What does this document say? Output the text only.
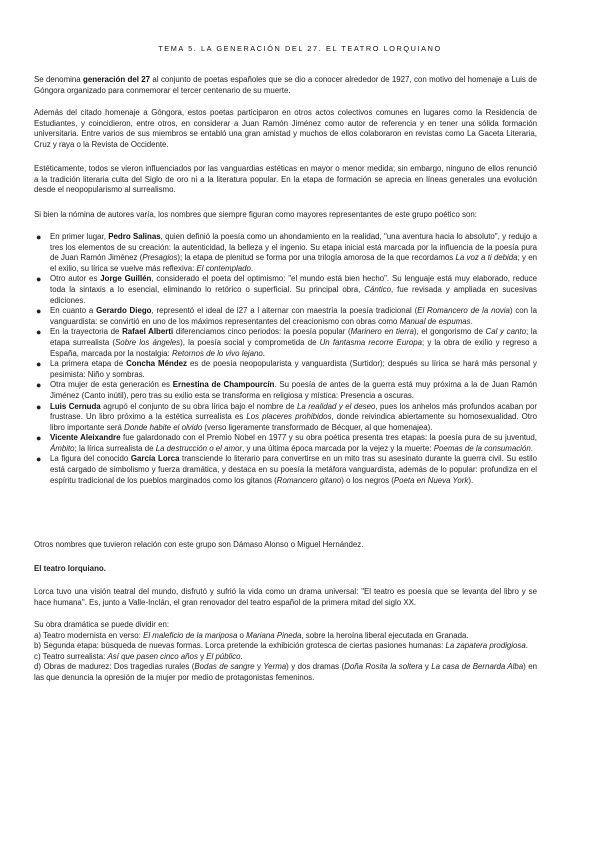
TEMA 5. LA GENERACIÓN DEL 27. EL TEATRO LORQUIANO

Se denomina generación del 27 al conjunto de poetas españoles que se dio a conocer alrededor de 1927, con motivo del homenaje a Luis de Góngora organizado para conmemorar el tercer centenario de su muerte.

Además del citado homenaje a Góngora, estos poetas participaron en otros actos colectivos comunes en lugares como la Residencia de Estudiantes, y coincidieron, entre otros, en considerar a Juan Ramón Jiménez como autor de referencia y en tener una sólida formación universitaria. Entre varios de sus miembros se entabló una gran amistad y muchos de ellos colaboraron en revistas como La Gaceta Literaria, Cruz y raya o la Revista de Occidente.

Estéticamente, todos se vieron influenciados por las vanguardias estéticas en mayor o menor medida; sin embargo, ninguno de ellos renunció a la tradición literaria culta del Siglo de oro ni a la literatura popular. En la etapa de formación se aprecia en líneas generales una evolución desde el neopopularismo al surrealismo.

Si bien la nómina de autores varía, los nombres que siempre figuran como mayores representantes de este grupo poético son:

● En primer lugar, Pedro Salinas, quien definió la poesía como un ahondamiento en la realidad, "una aventura hacia lo absoluto", y redujo a tres los elementos de su creación: la autenticidad, la belleza y el ingenio. Su etapa inicial está marcada por la influencia de la poesía pura de Juan Ramón Jiménez (Presagios); la etapa de plenitud se forma por una trilogía amorosa de la que recordamos La voz a ti debida; y en el exilio, su lírica se vuelve más reflexiva: El contemplado.
● Otro autor es Jorge Guillén, considerado el poeta del optimismo: "el mundo está bien hecho". Su lenguaje está muy elaborado, reduce toda la sintaxis a lo esencial, eliminando lo retórico o superficial. Su principal obra, Cántico, fue revisada y ampliada en sucesivas ediciones.
● En cuanto a Gerardo Diego, representó el ideal de l27 a l alternar con maestría la poesía tradicional (El Romancero de la novia) con la vanguardista: se convirtió en uno de los máximos representantes del creacionismo con obras como Manual de espumas.
● En la trayectoria de Rafael Alberti diferenciamos cinco periodos: la poesía popular (Marinero en tierra), el gongorismo de Cal y canto; la etapa surrealista (Sobre los ángeles), la poesía social y comprometida de Un fantasma recorre Europa; y la obra de exilio y regreso a España, marcada por la nostalgia: Retornos de lo vivo lejano.
● La primera etapa de Concha Méndez es de poesía neopopularista y vanguardista (Surtidor); después su lírica se hará más personal y pesimista: Niño y sombras.
● Otra mujer de esta generación es Ernestina de Champourcín. Su poesía de antes de la guerra está muy próxima a la de Juan Ramón Jiménez (Canto inútil), pero tras su exilio esta se transforma en religiosa y mística: Presencia a oscuras.
● Luis Cernuda agrupó el conjunto de su obra lírica bajo el nombre de La realidad y el deseo, pues los anhelos más profundos acaban por frustrase. Un libro próximo a la estética surrealista es Los placeres prohibidos, donde reivindica abiertamente su homosexualidad. Otro libro importante será Donde habite el olvido (verso ligeramente transformado de Bécquer, al que homenajea).
● Vicente Aleixandre fue galardonado con el Premio Nobel en 1977 y su obra poética presenta tres etapas: la poesía pura de su juventud, Ámbito; la lírica surrealista de La destrucción o el amor, y una última época marcada por la vejez y la muerte: Poemas de la consumación.
● La figura del conocido García Lorca transciende lo literario para convertirse en un mito tras su asesinato durante la guerra civil. Su estilo está cargado de simbolismo y fuerza dramática, y destaca en su poesía la metáfora vanguardista, además de lo popular: profundiza en el espíritu tradicional de los pueblos marginados como los gitanos (Romancero gitano) o los negros (Poeta en Nueva York).

Otros nombres que tuvieron relación con este grupo son Dámaso Alonso o Miguel Hernández.

El teatro lorquiano.

Lorca tuvo una visión teatral del mundo, disfrutó y sufrió la vida como un drama universal: "El teatro es poesía que se levanta del libro y se hace humana". Es, junto a Valle-Inclán, el gran renovador del teatro español de la primera mitad del siglo XX.

Su obra dramática se puede dividir en:
a) Teatro modernista en verso: El maleficio de la mariposa o Mariana Pineda, sobre la heroína liberal ejecutada en Granada.
b) Segunda etapa: búsqueda de nuevas formas. Lorca pretende la exhibición grotesca de ciertas pasiones humanas: La zapatera prodigiosa.
c) Teatro surrealista: Así que pasen cinco años y El público.
d) Obras de madurez: Dos tragedias rurales (Bodas de sangre y Yerma) y dos dramas (Doña Rosita la soltera y La casa de Bernarda Alba) en las que denuncia la opresión de la mujer por medio de protagonistas femeninos.
